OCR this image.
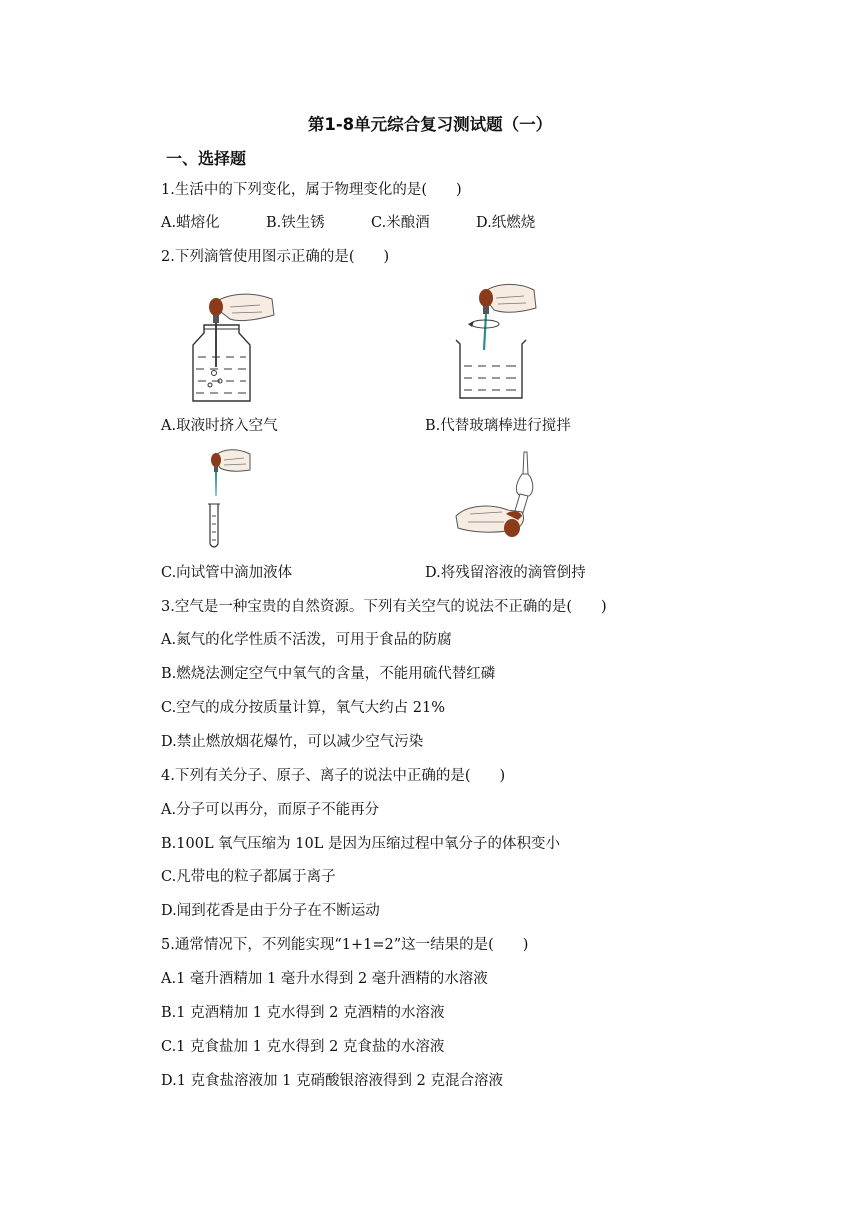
第1-8单元综合复习测试题（一）
一、选择题
1.生活中的下列变化，属于物理变化的是(　　)
A.蜡熔化	B.铁生锈	C.米酿酒	D.纸燃烧
2.下列滴管使用图示正确的是(　　)
A.取液时挤入空气	B.代替玻璃棒进行搅拌
C.向试管中滴加液体	D.将残留溶液的滴管倒持
3.空气是一种宝贵的自然资源。下列有关空气的说法不正确的是(　　)
A.氮气的化学性质不活泼，可用于食品的防腐
B.燃烧法测定空气中氧气的含量，不能用硫代替红磷
C.空气的成分按质量计算，氧气大约占 21%
D.禁止燃放烟花爆竹，可以减少空气污染
4.下列有关分子、原子、离子的说法中正确的是(　　)
A.分子可以再分，而原子不能再分
B.100L 氧气压缩为 10L 是因为压缩过程中氧分子的体积变小
C.凡带电的粒子都属于离子
D.闻到花香是由于分子在不断运动
5.通常情况下，不列能实现“1+1=2”这一结果的是(　　)
A.1 毫升酒精加 1 毫升水得到 2 毫升酒精的水溶液
B.1 克酒精加 1 克水得到 2 克酒精的水溶液
C.1 克食盐加 1 克水得到 2 克食盐的水溶液
D.1 克食盐溶液加 1 克硝酸银溶液得到 2 克混合溶液
